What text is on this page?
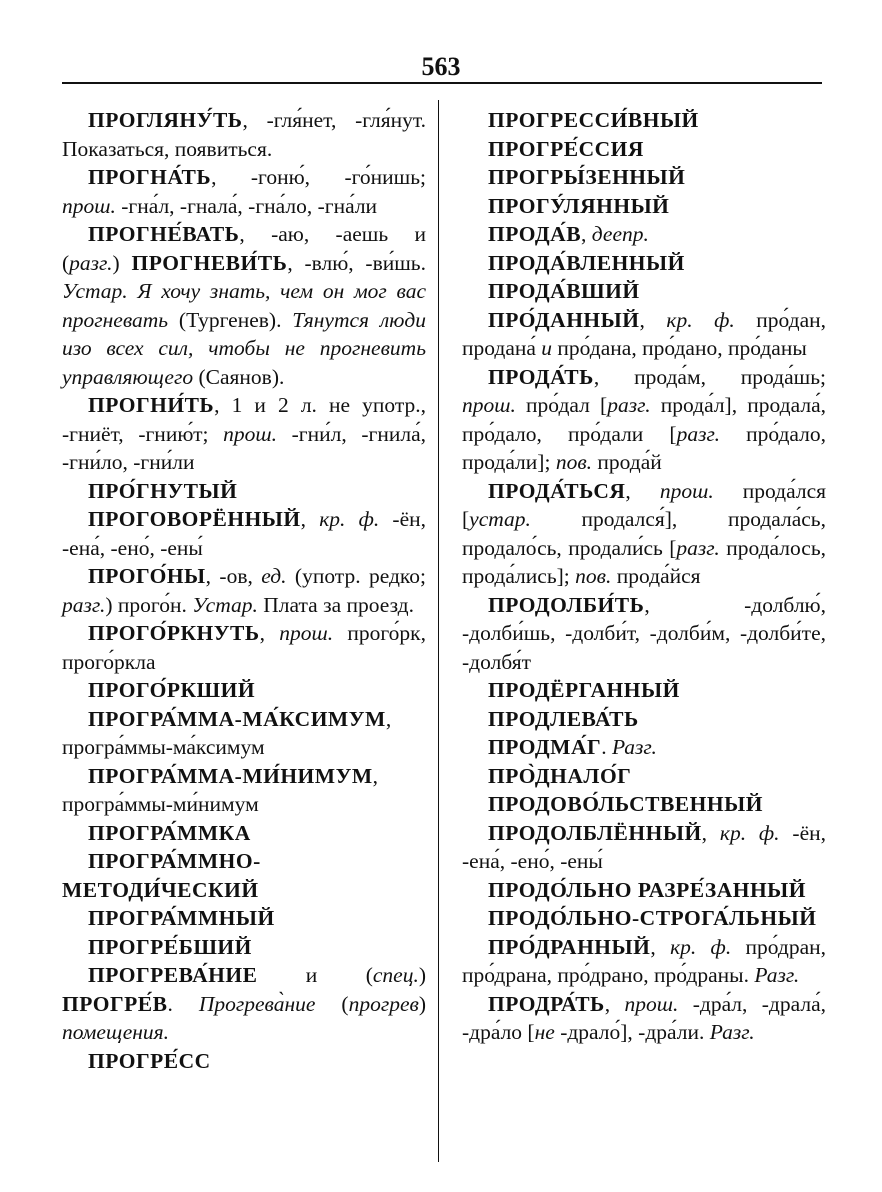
563

ПРОГЛЯНУ́ТЬ, -гля́нет, -гля́нут. Показаться, появиться.

ПРОГНА́ТЬ, -гоню́, -го́нишь; прош. -гна́л, -гнала́, -гна́ло, -гна́ли

ПРОГНЕ́ВАТЬ, -аю, -аешь и (разг.) ПРОГНЕВИ́ТЬ, -влю́, -ви́шь. Устар. Я хочу знать, чем он мог вас прогневать (Тургенев). Тянутся люди изо всех сил, чтобы не прогневить управляющего (Саянов).

ПРОГНИ́ТЬ, 1 и 2 л. не употр., -гниёт, -гнию́т; прош. -гни́л, -гнила́, -гни́ло, -гни́ли

ПРО́ГНУТЫЙ

ПРОГОВОРЁННЫЙ, кр. ф. -ён, -ена́, -ено́, -ены́

ПРОГО́НЫ, -ов, ед. (употр. редко; разг.) прого́н. Устар. Плата за проезд.

ПРОГО́РКНУТЬ, прош. прого́рк, прого́ркла

ПРОГО́РКШИЙ

ПРОГРА́ММА-МА́КСИМУМ, програ́ммы-ма́ксимум

ПРОГРА́ММА-МИ́НИМУМ, програ́ммы-ми́нимум

ПРОГРА́ММКА

ПРОГРА́ММНО-МЕТОДИ́ЧЕСКИЙ

ПРОГРА́ММНЫЙ

ПРОГРЕ́БШИЙ

ПРОГРЕВА́НИЕ и (спец.) ПРОГРЕ́В. Прогрева̀ние (прогрев) помещения.

ПРОГРЕ́СС

ПРОГРЕССИ́ВНЫЙ

ПРОГРЕ́ССИЯ

ПРОГРЫ́ЗЕННЫЙ

ПРОГУ́ЛЯННЫЙ

ПРОДА́В, деепр.

ПРОДА́ВЛЕННЫЙ

ПРОДА́ВШИЙ

ПРО́ДАННЫЙ, кр. ф. про́дан, продана́ и про́дана, про́дано, про́даны

ПРОДА́ТЬ, прода́м, прода́шь; прош. про́дал [разг. прода́л], продала́, про́дало, про́дали [разг. про́дало, прода́ли]; пов. прода́й

ПРОДА́ТЬСЯ, прош. прода́лся [устар. продался́], продала́сь, продало́сь, продали́сь [разг. прода́лось, прода́лись]; пов. прода́йся

ПРОДОЛБИ́ТЬ, -долблю́, -долби́шь, -долби́т, -долби́м, -долби́те, -долбя́т

ПРОДЁРГАННЫЙ

ПРОДЛЕВА́ТЬ

ПРОДМА́Г. Разг.

ПРО̀ДНАЛО́Г

ПРОДОВО́ЛЬСТВЕННЫЙ

ПРОДОЛБЛЁННЫЙ, кр. ф. -ён, -ена́, -ено́, -ены́

ПРОДО́ЛЬНО РАЗРЕ́ЗАННЫЙ

ПРОДО́ЛЬНО-СТРОГА́ЛЬНЫЙ

ПРО́ДРАННЫЙ, кр. ф. про́дран, про́драна, про́драно, про́драны. Разг.

ПРОДРА́ТЬ, прош. -дра́л, -драла́, -дра́ло [не -драло́], -дра́ли. Разг.
